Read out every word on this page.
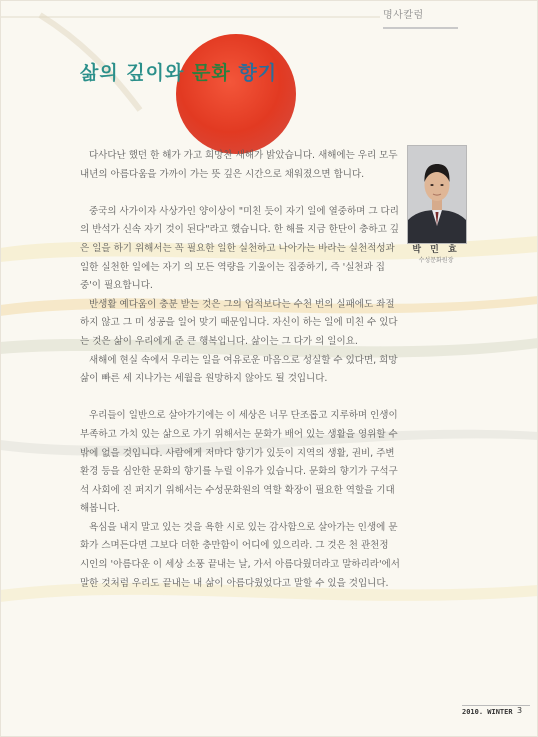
명사칼럼
삶의 깊이와 문화 향기

다사다난 했던 한 해가 가고 희망찬 새해가 밝았습니다. 새해에는 우리 모두 내년의 아름다움을 가까이 가는 뜻 깊은 시간으로 채워졌으면 합니다.

중국의 사가이자 사상가인 양이상이 "미친 듯이 자기 일에 열중하며 그 다리의 반석가 신속 자기 것이 된다"라고 했습니다. 한 해를 지금 한단이 충하고 깊은 일을 하기 위해서는 꼭 필요한 일한 실천하고 나아가는 바라는 실천적성과 일한 실천한 일에는 자기 의 모든 역량을 기울이는 집중하기, 즉 '실천과 집중'이 필요합니다.

반생활 예다움이 충분 받는 것은 그의 업적보다는 수천 번의 실패에도 좌절하지 않고 그 미 성공을 일어 맞기 때문입니다. 자신이 하는 일에 미친 수 있다는 것은 삶이 우리에게 준 큰 행복입니다. 삶이는 그 다가 의 일이요.

새해에 현실 속에서 우리는 일을 여유로운 마음으로 성실할 수 있다면, 희망 삶이 빠른 세 지나가는 세월을 원망하지 않아도 될 것입니다.

우리들이 일반으로 살아가기에는 이 세상은 너무 단조롭고 지루하며 인생이 부족하고 가치 있는 삶으로 가기 위해서는 문화가 배어 있는 생활을 영위할 수 밖에 없을 것입니다. 사람에게 저마다 향기가 있듯이 지역의 생활, 권비, 주변 환경 등을 심안한 문화의 향기를 누릴 이유가 있습니다. 문화의 향기가 구석구석 사회에 진 퍼지기 위해서는 수성문화원의 역할 확장이 필요한 역할을 기대해봅니다.

욕심을 내지 말고 있는 것을 욕한 시로 있는 감사함으로 살아가는 인생에 문화가 스며든다면 그보다 더한 충만함이 어디에 있으리라. 그 것은 천 관천정 시인의 '아름다운 이 세상 소풍 끝내는 날, 가서 아름다웠더라고 말하리라'에서 말한 것처럼 우리도 끝내는 내 삶이 아름다웠었다고 말할 수 있을 것입니다.

박 민 효
수성문화원장
2010. WINTER 3
